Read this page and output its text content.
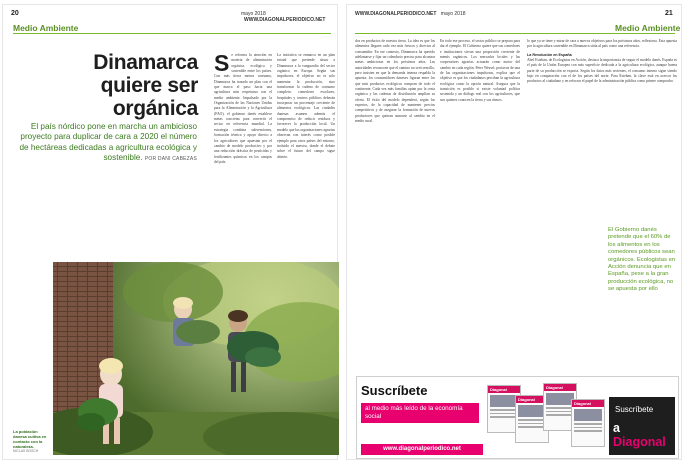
20	mayo 2018 WWW.DIAGONALPERIODICO.NET
Medio Ambiente
Dinamarca quiere ser orgánica
El país nórdico pone en marcha un ambicioso proyecto para duplicar de cara a 2020 el número de hectáreas dedicadas a agricultura ecológica y sostenible. POR DANI CABEZAS
Se reforma la atención en materia de alimentación orgánica, ecológica y sostenible entre los países. Con más tierra menos consumo, Dinamarca ha trazado un plan con el que marca el paso hacia una agricultura más respetuosa con el medio ambiente. Impulsado por la Organización de las Naciones Unidas para la Alimentación y la Agricultura (FAO), el gobierno danés establece metas concretas para convertir el sector en referencia mundial. La estrategia combina subvenciones, formación técnica y apoyo directo a los agricultores que apuestan por el cambio de modelo productivo y por una reducción drástica de pesticidas y fertilizantes químicos en los campos del país.
La iniciativa se enmarca en un plan estatal que pretende situar a Dinamarca a la vanguardia del sector orgánico en Europa. Según sus impulsores, el objetivo no es solo aumentar la producción, sino transformar la cadena de consumo completa: comedores escolares, hospitales y centros públicos deberán incorporar un porcentaje creciente de alimentos ecológicos. Las ciudades danesas asumen además el compromiso de reducir residuos y favorecer la producción local. Un modelo que las organizaciones agrarias observan con interés como posible ejemplo para otros países del entorno, incluido el nuestro, donde el debate sobre el futuro del campo sigue abierto.
La población danesa cultiva en contacto con la naturaleza.
NICLAS BOSCH
WWW.DIAGONALPERIODICO.NET mayo 2018	21
Medio Ambiente
dos en productos de nuestra tierra. La idea es que los alimentos lleguen cada vez más frescos y directos al consumidor. En ese contexto, Dinamarca ha querido adelantarse y fijar un calendario preciso para alcanzar metas ambiciosas en los próximos años. Las autoridades reconocen que el camino no será sencillo, pero insisten en que la demanda interna respalda la apuesta: los consumidores daneses figuran entre los que más productos ecológicos compran de todo el continente. Cada vez más familias optan por la cesta orgánica y las cadenas de distribución amplían su oferta. El éxito del modelo dependerá, según los expertos, de la capacidad de mantener precios competitivos y de asegurar la formación de nuevos productores que quieran sumarse al cambio en el medio rural.
En todo ese proceso, el sector público se prepara para dar el ejemplo. El Gobierno quiere que sus comedores e instituciones sirvan una proporción creciente de menús orgánicos. Los mercados locales y las cooperativas agrarias actuarán como motor del cambio en cada región. Peter Wessel, portavoz de una de las organizaciones impulsoras, explica que el objetivo es que los ciudadanos perciban la agricultura ecológica como la opción natural. Asegura que la transición es posible si existe voluntad política sostenida y un diálogo real con los agricultores, que son quienes conocen la tierra y sus ritmos.

lo que ya se tiene y mirar de cara a nuevos objetivos para los próximos años, reflexiona. Esta apuesta por la agricultura sostenible en Dinamarca sitúa al país como una referencia.

La Revolución en España

Abel Esteban, de Ecologistas en Acción, destaca la importancia de seguir el modelo danés. España es el país de la Unión Europea con más superficie dedicada a la agricultura ecológica, aunque buena parte de su producción se exporta. Según los datos más recientes, el consumo interno sigue siendo bajo en comparación con el de los países del norte. Para Esteban, la clave está en acercar los productos al ciudadano y en reforzar el papel de la administración pública como primer comprador.

El Gobierno danés pretende que el 60% de los alimentos en los comedores públicos sean orgánicos. Ecologistas en Acción denuncia que en España, pese a la gran producción ecológica, no se apuesta por ello
Suscríbete
al medio más leído de la economía social
www.diagonalperiodico.net
Diagonal
Diagonal
Diagonal
Diagonal
Suscríbete
a Diagonal
